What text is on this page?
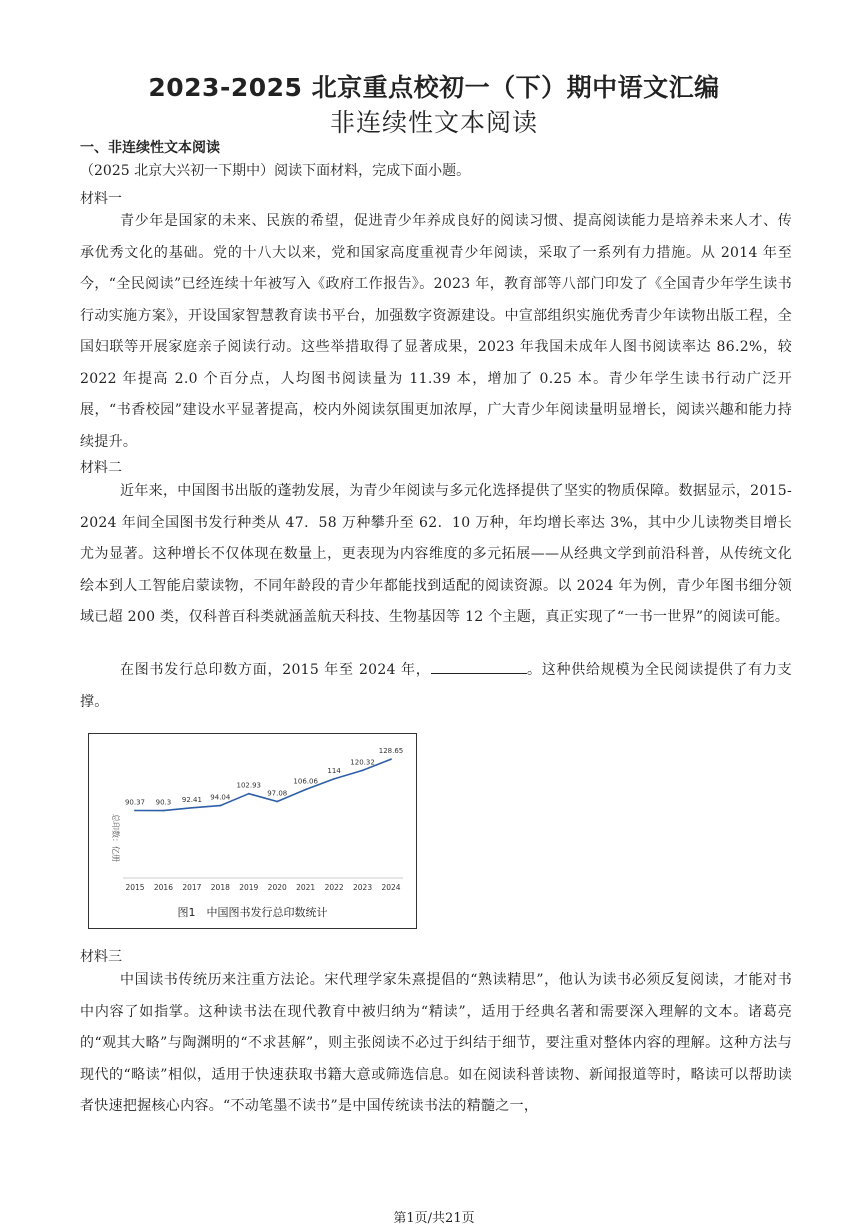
2023-2025 北京重点校初一（下）期中语文汇编
非连续性文本阅读
一、非连续性文本阅读
（2025 北京大兴初一下期中）阅读下面材料，完成下面小题。
材料一
青少年是国家的未来、民族的希望，促进青少年养成良好的阅读习惯、提高阅读能力是培养未来人才、传承优秀文化的基础。党的十八大以来，党和国家高度重视青少年阅读，采取了一系列有力措施。从 2014 年至今，“全民阅读”已经连续十年被写入《政府工作报告》。2023 年，教育部等八部门印发了《全国青少年学生读书行动实施方案》，开设国家智慧教育读书平台，加强数字资源建设。中宣部组织实施优秀青少年读物出版工程，全国妇联等开展家庭亲子阅读行动。这些举措取得了显著成果，2023 年我国未成年人图书阅读率达 86.2%，较 2022 年提高 2.0 个百分点，人均图书阅读量为 11.39 本，增加了 0.25 本。青少年学生读书行动广泛开展，“书香校园”建设水平显著提高，校内外阅读氛围更加浓厚，广大青少年阅读量明显增长，阅读兴趣和能力持续提升。
材料二
近年来，中国图书出版的蓬勃发展，为青少年阅读与多元化选择提供了坚实的物质保障。数据显示，2015-2024 年间全国图书发行种类从 47．58 万种攀升至 62．10 万种，年均增长率达 3%，其中少儿读物类目增长尤为显著。这种增长不仅体现在数量上，更表现为内容维度的多元拓展——从经典文学到前沿科普，从传统文化绘本到人工智能启蒙读物，不同年龄段的青少年都能找到适配的阅读资源。以 2024 年为例，青少年图书细分领域已超 200 类，仅科普百科类就涵盖航天科技、生物基因等 12 个主题，真正实现了“一书一世界”的阅读可能。
在图书发行总印数方面，2015 年至 2024 年，	。这种供给规模为全民阅读提供了有力支撑。
总印数：亿册
90.37
2015
90.3
2016
92.41
2017
94.04
2018
102.93
2019
97.08
2020
106.06
2021
114
2022
120.32
2023
128.65
2024
图1　中国图书发行总印数统计
材料三
中国读书传统历来注重方法论。宋代理学家朱熹提倡的“熟读精思”，他认为读书必须反复阅读，才能对书中内容了如指掌。这种读书法在现代教育中被归纳为“精读”，适用于经典名著和需要深入理解的文本。诸葛亮的“观其大略”与陶渊明的“不求甚解”，则主张阅读不必过于纠结于细节，要注重对整体内容的理解。这种方法与现代的“略读”相似，适用于快速获取书籍大意或筛选信息。如在阅读科普读物、新闻报道等时，略读可以帮助读者快速把握核心内容。“不动笔墨不读书”是中国传统读书法的精髓之一，
第1页/共21页
